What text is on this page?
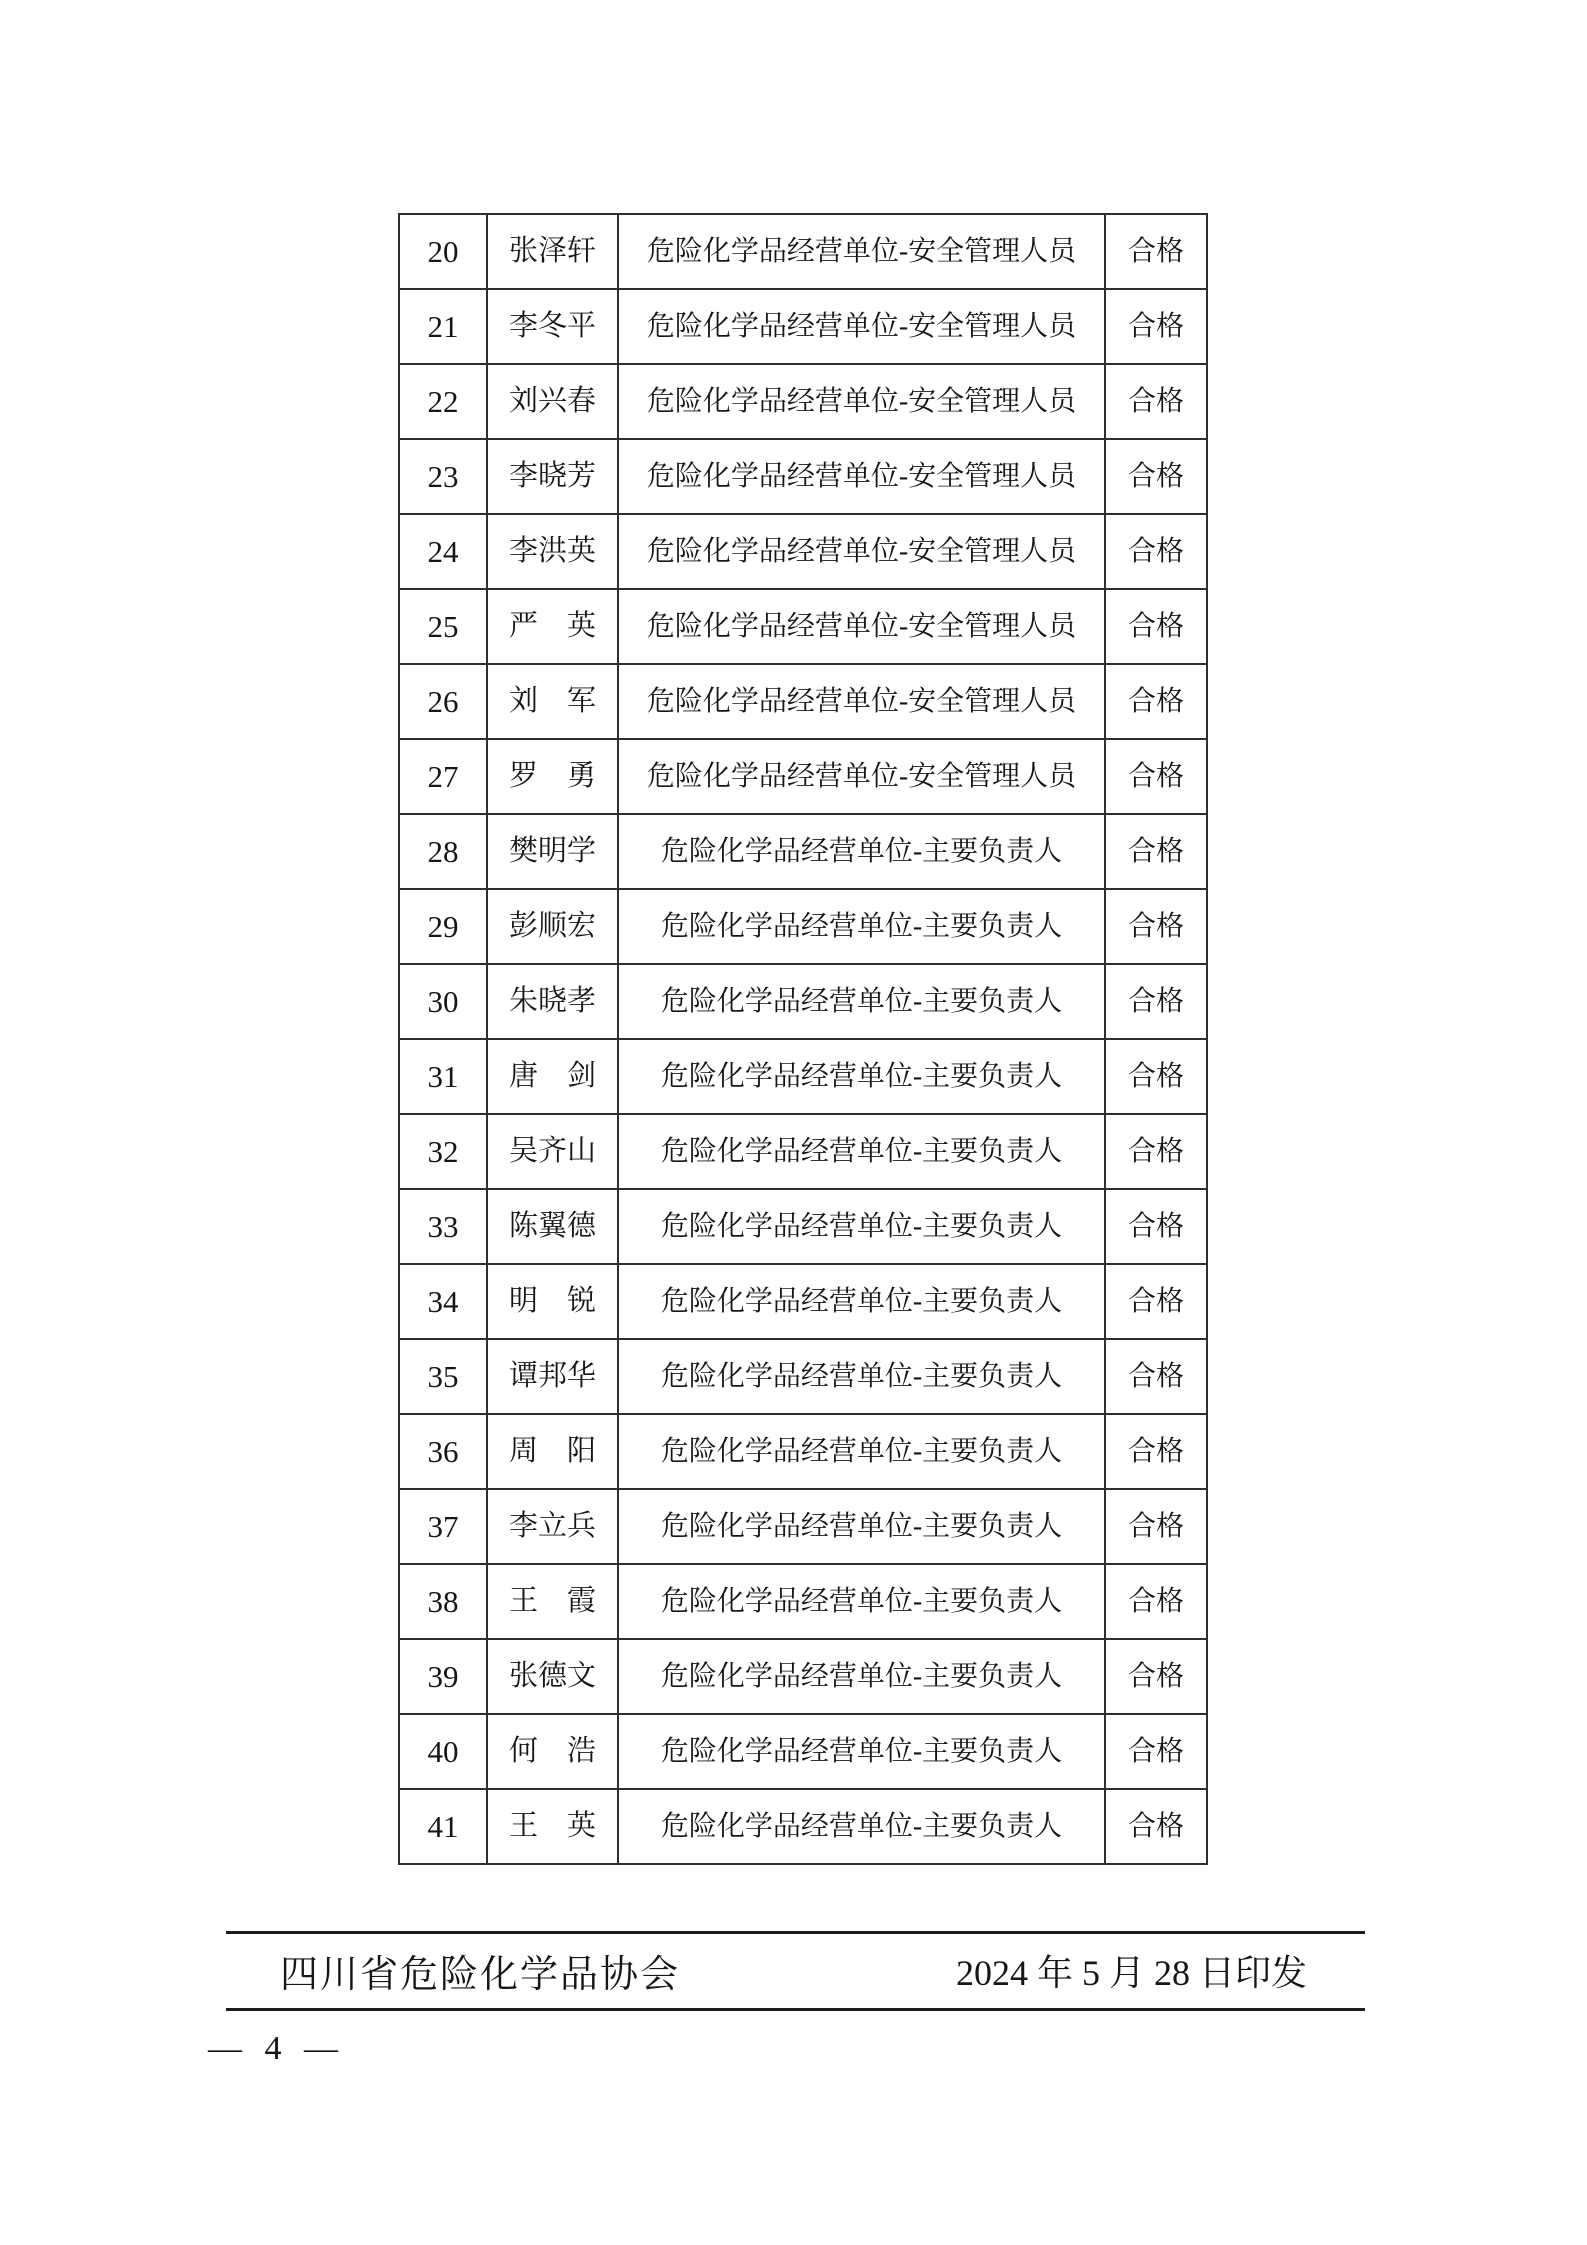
20	张泽轩	危险化学品经营单位-安全管理人员	合格
21	李冬平	危险化学品经营单位-安全管理人员	合格
22	刘兴春	危险化学品经营单位-安全管理人员	合格
23	李晓芳	危险化学品经营单位-安全管理人员	合格
24	李洪英	危险化学品经营单位-安全管理人员	合格
25	严　英	危险化学品经营单位-安全管理人员	合格
26	刘　军	危险化学品经营单位-安全管理人员	合格
27	罗　勇	危险化学品经营单位-安全管理人员	合格
28	樊明学	危险化学品经营单位-主要负责人	合格
29	彭顺宏	危险化学品经营单位-主要负责人	合格
30	朱晓孝	危险化学品经营单位-主要负责人	合格
31	唐　剑	危险化学品经营单位-主要负责人	合格
32	吴齐山	危险化学品经营单位-主要负责人	合格
33	陈翼德	危险化学品经营单位-主要负责人	合格
34	明　锐	危险化学品经营单位-主要负责人	合格
35	谭邦华	危险化学品经营单位-主要负责人	合格
36	周　阳	危险化学品经营单位-主要负责人	合格
37	李立兵	危险化学品经营单位-主要负责人	合格
38	王　霞	危险化学品经营单位-主要负责人	合格
39	张德文	危险化学品经营单位-主要负责人	合格
40	何　浩	危险化学品经营单位-主要负责人	合格
41	王　英	危险化学品经营单位-主要负责人	合格
四川省危险化学品协会	2024 年 5 月 28 日印发
— 4 —
